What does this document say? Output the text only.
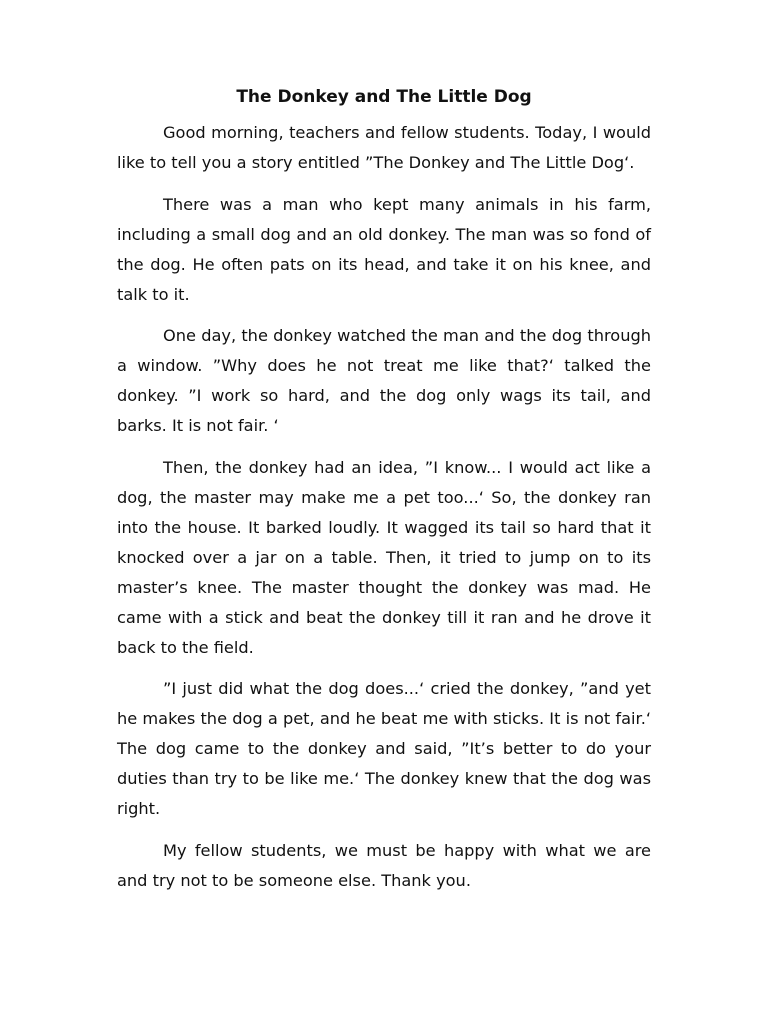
The Donkey and The Little Dog

Good morning, teachers and fellow students. Today, I would like to tell you a story entitled ”The Donkey and The Little Dog‘.

There was a man who kept many animals in his farm, including a small dog and an old donkey. The man was so fond of the dog. He often pats on its head, and take it on his knee, and talk to it.

One day, the donkey watched the man and the dog through a window. ”Why does he not treat me like that?‘ talked the donkey. ”I work so hard, and the dog only wags its tail, and barks. It is not fair. ‘

Then, the donkey had an idea, ”I know... I would act like a dog, the master may make me a pet too...‘ So, the donkey ran into the house. It barked loudly. It wagged its tail so hard that it knocked over a jar on a table. Then, it tried to jump on to its master’s knee. The master thought the donkey was mad. He came with a stick and beat the donkey till it ran and he drove it back to the field.

”I just did what the dog does...‘ cried the donkey, ”and yet he makes the dog a pet, and he beat me with sticks. It is not fair.‘ The dog came to the donkey and said, ”It’s better to do your duties than try to be like me.‘ The donkey knew that the dog was right.

My fellow students, we must be happy with what we are and try not to be someone else. Thank you.
